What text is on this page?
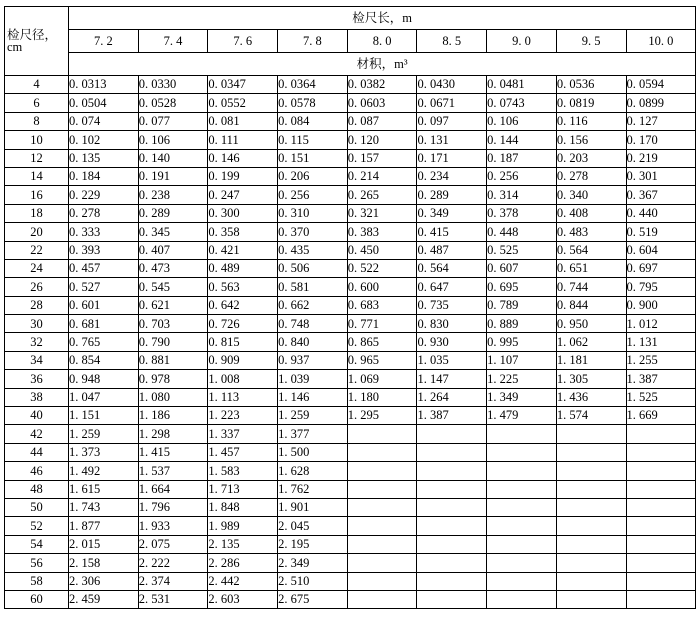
检尺径，cm	检尺长，m								
	7. 2	7. 4	7. 6	7. 8	8. 0	8. 5	9. 0	9. 5	10. 0
	材积，m³								
4	0. 0313	0. 0330	0. 0347	0. 0364	0. 0382	0. 0430	0. 0481	0. 0536	0. 0594
6	0. 0504	0. 0528	0. 0552	0. 0578	0. 0603	0. 0671	0. 0743	0. 0819	0. 0899
8	0. 074	0. 077	0. 081	0. 084	0. 087	0. 097	0. 106	0. 116	0. 127
10	0. 102	0. 106	0. 111	0. 115	0. 120	0. 131	0. 144	0. 156	0. 170
12	0. 135	0. 140	0. 146	0. 151	0. 157	0. 171	0. 187	0. 203	0. 219
14	0. 184	0. 191	0. 199	0. 206	0. 214	0. 234	0. 256	0. 278	0. 301
16	0. 229	0. 238	0. 247	0. 256	0. 265	0. 289	0. 314	0. 340	0. 367
18	0. 278	0. 289	0. 300	0. 310	0. 321	0. 349	0. 378	0. 408	0. 440
20	0. 333	0. 345	0. 358	0. 370	0. 383	0. 415	0. 448	0. 483	0. 519
22	0. 393	0. 407	0. 421	0. 435	0. 450	0. 487	0. 525	0. 564	0. 604
24	0. 457	0. 473	0. 489	0. 506	0. 522	0. 564	0. 607	0. 651	0. 697
26	0. 527	0. 545	0. 563	0. 581	0. 600	0. 647	0. 695	0. 744	0. 795
28	0. 601	0. 621	0. 642	0. 662	0. 683	0. 735	0. 789	0. 844	0. 900
30	0. 681	0. 703	0. 726	0. 748	0. 771	0. 830	0. 889	0. 950	1. 012
32	0. 765	0. 790	0. 815	0. 840	0. 865	0. 930	0. 995	1. 062	1. 131
34	0. 854	0. 881	0. 909	0. 937	0. 965	1. 035	1. 107	1. 181	1. 255
36	0. 948	0. 978	1. 008	1. 039	1. 069	1. 147	1. 225	1. 305	1. 387
38	1. 047	1. 080	1. 113	1. 146	1. 180	1. 264	1. 349	1. 436	1. 525
40	1. 151	1. 186	1. 223	1. 259	1. 295	1. 387	1. 479	1. 574	1. 669
42	1. 259	1. 298	1. 337	1. 377					
44	1. 373	1. 415	1. 457	1. 500					
46	1. 492	1. 537	1. 583	1. 628					
48	1. 615	1. 664	1. 713	1. 762					
50	1. 743	1. 796	1. 848	1. 901					
52	1. 877	1. 933	1. 989	2. 045					
54	2. 015	2. 075	2. 135	2. 195					
56	2. 158	2. 222	2. 286	2. 349					
58	2. 306	2. 374	2. 442	2. 510					
60	2. 459	2. 531	2. 603	2. 675					
